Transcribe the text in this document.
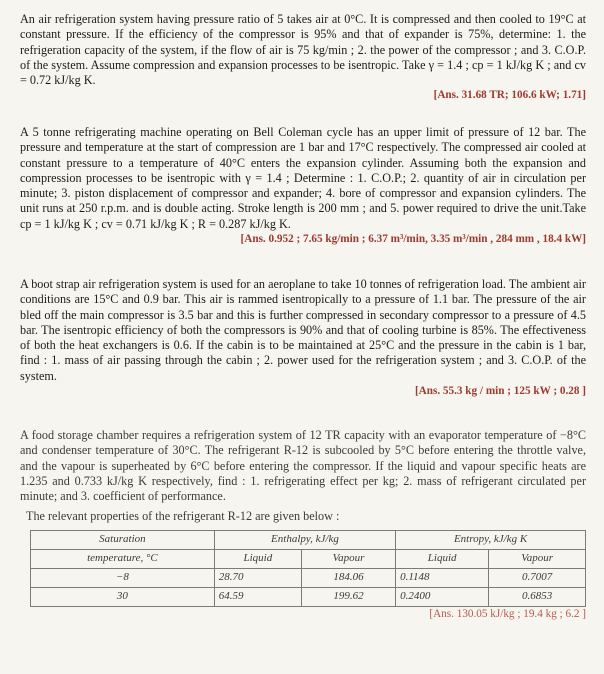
An air refrigeration system having pressure ratio of 5 takes air at 0°C. It is compressed and then cooled to 19°C at constant pressure. If the efficiency of the compressor is 95% and that of expander is 75%, determine: 1. the refrigeration capacity of the system, if the flow of air is 75 kg/min ; 2. the power of the compressor ; and 3. C.O.P. of the system. Assume compression and expansion processes to be isentropic. Take γ = 1.4 ; cp = 1 kJ/kg K ; and cv = 0.72 kJ/kg K.

[Ans. 31.68 TR; 106.6 kW; 1.71]

A 5 tonne refrigerating machine operating on Bell Coleman cycle has an upper limit of pressure of 12 bar. The pressure and temperature at the start of compression are 1 bar and 17°C respectively. The compressed air cooled at constant pressure to a temperature of 40°C enters the expansion cylinder. Assuming both the expansion and compression processes to be isentropic with γ = 1.4 ; Determine : 1. C.O.P.; 2. quantity of air in circulation per minute; 3. piston displacement of compressor and expander; 4. bore of compressor and expansion cylinders. The unit runs at 250 r.p.m. and is double acting. Stroke length is 200 mm ; and 5. power required to drive the unit.Take cp = 1 kJ/kg K ; cv = 0.71 kJ/kg K ; R = 0.287 kJ/kg K.

[Ans. 0.952 ; 7.65 kg/min ; 6.37 m³/min, 3.35 m³/min , 284 mm , 18.4 kW]

A boot strap air refrigeration system is used for an aeroplane to take 10 tonnes of refrigeration load. The ambient air conditions are 15°C and 0.9 bar. This air is rammed isentropically to a pressure of 1.1 bar. The pressure of the air bled off the main compressor is 3.5 bar and this is further compressed in secondary compressor to a pressure of 4.5 bar. The isentropic efficiency of both the compressors is 90% and that of cooling turbine is 85%. The effectiveness of both the heat exchangers is 0.6. If the cabin is to be maintained at 25°C and the pressure in the cabin is 1 bar, find : 1. mass of air passing through the cabin ; 2. power used for the refrigeration system ; and 3. C.O.P. of the system.

[Ans. 55.3 kg / min ; 125 kW ; 0.28 ]

A food storage chamber requires a refrigeration system of 12 TR capacity with an evaporator temperature of −8°C and condenser temperature of 30°C. The refrigerant R-12 is subcooled by 5°C before entering the throttle valve, and the vapour is superheated by 6°C before entering the compressor. If the liquid and vapour specific heats are 1.235 and 0.733 kJ/kg K respectively, find : 1. refrigerating effect per kg; 2. mass of refrigerant circulated per minute; and 3. coefficient of performance.

The relevant properties of the refrigerant R-12 are given below :

Saturation	Enthalpy, kJ/kg		Entropy, kJ/kg K	
temperature, °C	Liquid	Vapour	Liquid	Vapour
−8	28.70	184.06	0.1148	0.7007
30	64.59	199.62	0.2400	0.6853

[Ans. 130.05 kJ/kg ; 19.4 kg ; 6.2 ]
